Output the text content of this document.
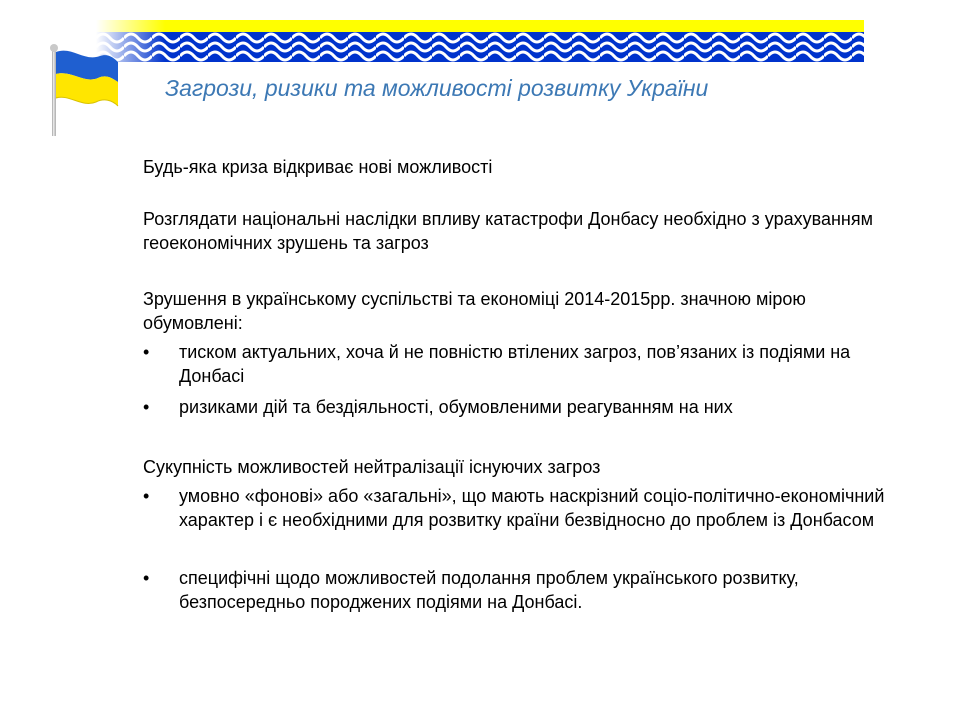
Загрози, ризики та можливості розвитку України

Будь-яка криза відкриває нові можливості

Розглядати національні наслідки впливу катастрофи Донбасу необхідно з урахуванням геоекономічних зрушень та загроз

Зрушення в українському суспільстві та економіці 2014-2015рр. значною мірою обумовлені:

•	тиском актуальних, хоча й не повністю втілених загроз, пов’язаних із подіями на Донбасі
•	ризиками дій та бездіяльності, обумовленими реагуванням на них

Сукупність можливостей нейтралізації існуючих загроз

•	умовно «фонові» або «загальні», що мають наскрізний соціо-політично-економічний характер і є необхідними для розвитку країни безвідносно до проблем із Донбасом
•	специфічні щодо можливостей подолання проблем українського розвитку, безпосередньо породжених подіями на Донбасі.
